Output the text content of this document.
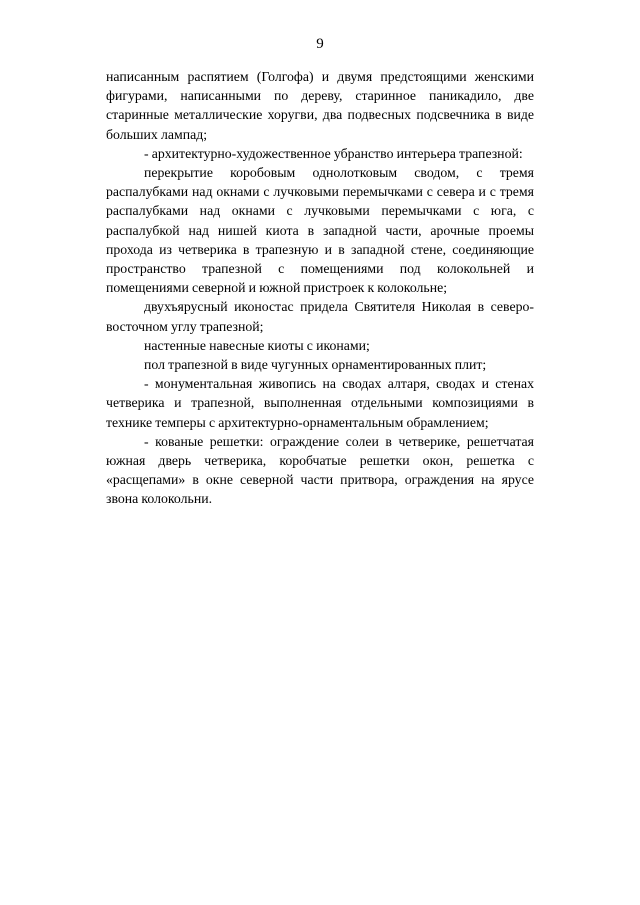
9

написанным распятием (Голгофа) и двумя предстоящими женскими фигурами, написанными по дереву, старинное паникадило, две старинные металлические хоругви, два подвесных подсвечника в виде больших лампад;

- архитектурно-художественное убранство интерьера трапезной:

перекрытие коробовым однолотковым сводом, с тремя распалубками над окнами с лучковыми перемычками с севера и с тремя распалубками над окнами с лучковыми перемычками с юга, с распалубкой над нишей киота в западной части, арочные проемы прохода из четверика в трапезную и в западной стене, соединяющие пространство трапезной с помещениями под колокольней и помещениями северной и южной пристроек к колокольне;

двухъярусный иконостас придела Святителя Николая в северо-восточном углу трапезной;

настенные навесные киоты с иконами;

пол трапезной в виде чугунных орнаментированных плит;

- монументальная живопись на сводах алтаря, сводах и стенах четверика и трапезной, выполненная отдельными композициями в технике темперы с архитектурно-орнаментальным обрамлением;

- кованые решетки: ограждение солеи в четверике, решетчатая южная дверь четверика, коробчатые решетки окон, решетка с «расщепами» в окне северной части притвора, ограждения на ярусе звона колокольни.
